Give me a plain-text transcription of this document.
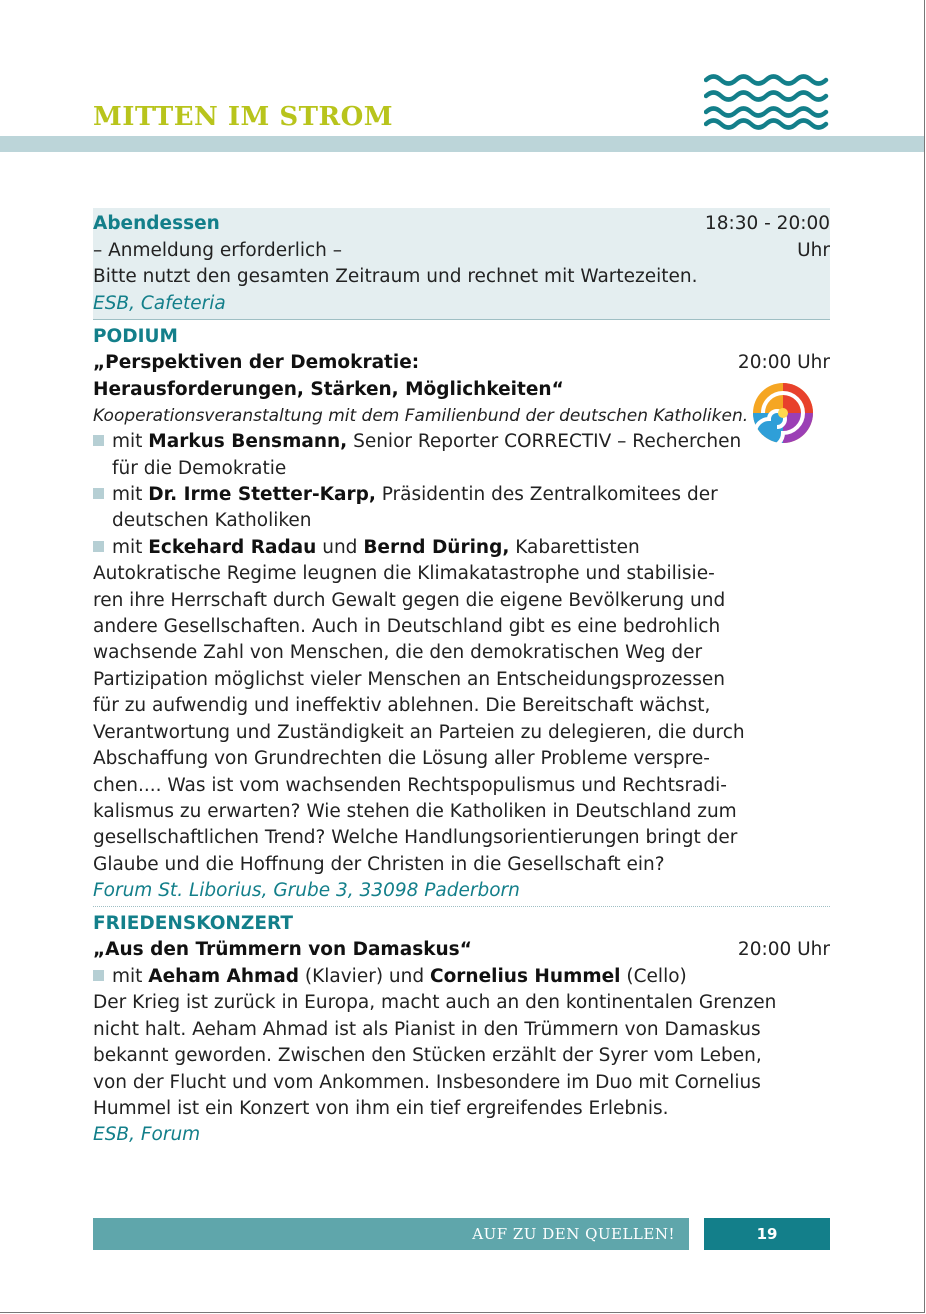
MITTEN IM STROM
Abendessen	18:30 - 20:00
Uhr
– Anmeldung erforderlich –
Bitte nutzt den gesamten Zeitraum und rechnet mit Wartezeiten.
ESB, Cafeteria
PODIUM
„Perspektiven der Demokratie:	20:00 Uhr
Herausforderungen, Stärken, Möglichkeiten“
Kooperationsveranstaltung mit dem Familienbund der deutschen Katholiken.
mit Markus Bensmann, Senior Reporter CORRECTIV – Recherchen
für die Demokratie
mit Dr. Irme Stetter-Karp, Präsidentin des Zentralkomitees der
deutschen Katholiken
mit Eckehard Radau und Bernd Düring, Kabarettisten
Autokratische Regime leugnen die Klimakatastrophe und stabilisie-
ren ihre Herrschaft durch Gewalt gegen die eigene Bevölkerung und
andere Gesellschaften. Auch in Deutschland gibt es eine bedrohlich
wachsende Zahl von Menschen, die den demokratischen Weg der
Partizipation möglichst vieler Menschen an Entscheidungsprozessen
für zu aufwendig und ineffektiv ablehnen. Die Bereitschaft wächst,
Verantwortung und Zuständigkeit an Parteien zu delegieren, die durch
Abschaffung von Grundrechten die Lösung aller Probleme verspre-
chen.... Was ist vom wachsenden Rechtspopulismus und Rechtsradi-
kalismus zu erwarten? Wie stehen die Katholiken in Deutschland zum
gesellschaftlichen Trend? Welche Handlungsorientierungen bringt der
Glaube und die Hoffnung der Christen in die Gesellschaft ein?
Forum St. Liborius, Grube 3, 33098 Paderborn
FRIEDENSKONZERT
„Aus den Trümmern von Damaskus“	20:00 Uhr
mit Aeham Ahmad (Klavier) und Cornelius Hummel (Cello)
Der Krieg ist zurück in Europa, macht auch an den kontinentalen Grenzen
nicht halt. Aeham Ahmad ist als Pianist in den Trümmern von Damaskus
bekannt geworden. Zwischen den Stücken erzählt der Syrer vom Leben,
von der Flucht und vom Ankommen. Insbesondere im Duo mit Cornelius
Hummel ist ein Konzert von ihm ein tief ergreifendes Erlebnis.
ESB, Forum
AUF ZU DEN QUELLEN!	19
